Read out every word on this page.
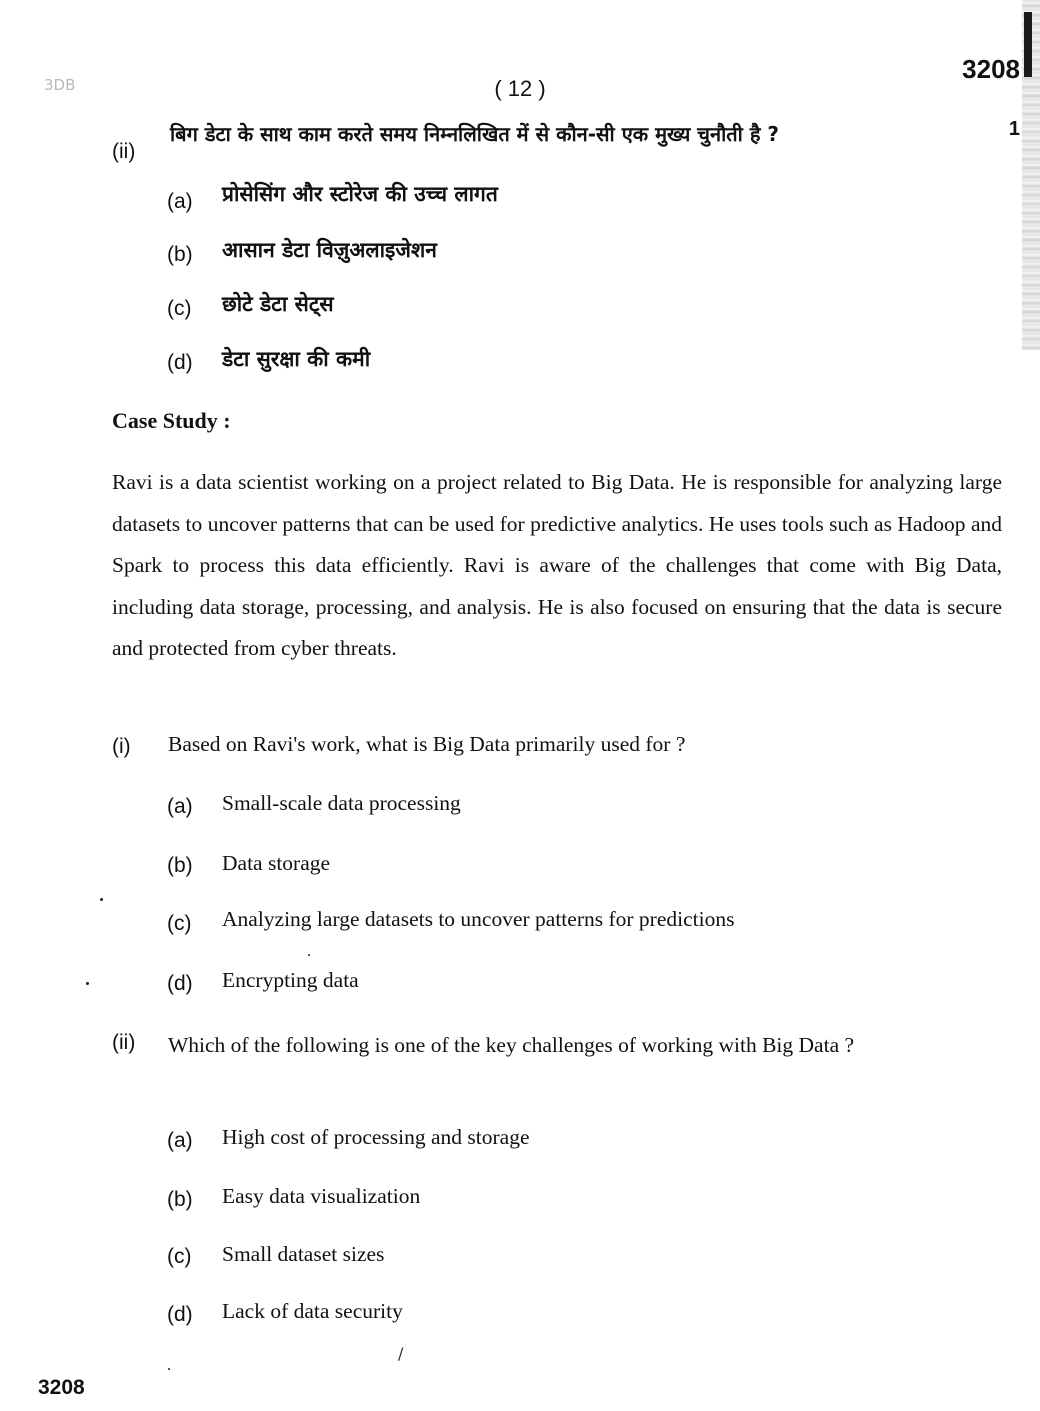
3DB	( 12 )
3208
1
(ii)
बिग डेटा के साथ काम करते समय निम्नलिखित में से कौन-सी एक मुख्य चुनौती है ?
(a) प्रोसेसिंग और स्टोरेज की उच्च लागत
(b) आसान डेटा विज़ुअलाइजेशन
(c) छोटे डेटा सेट्स
(d) डेटा सुरक्षा की कमी
Case Study :

Ravi is a data scientist working on a project related to Big Data. He is responsible for analyzing large datasets to uncover patterns that can be used for predictive analytics. He uses tools such as Hadoop and Spark to process this data efficiently. Ravi is aware of the challenges that come with Big Data, including data storage, processing, and analysis. He is also focused on ensuring that the data is secure and protected from cyber threats.

(i) Based on Ravi's work, what is Big Data primarily used for ?
(a) Small-scale data processing
(b) Data storage
(c) Analyzing large datasets to uncover patterns for predictions
(d) Encrypting data
(ii) Which of the following is one of the key challenges of working with Big Data ?

(a) High cost of processing and storage
(b) Easy data visualization
(c) Small dataset sizes
(d) Lack of data security
/
3208
